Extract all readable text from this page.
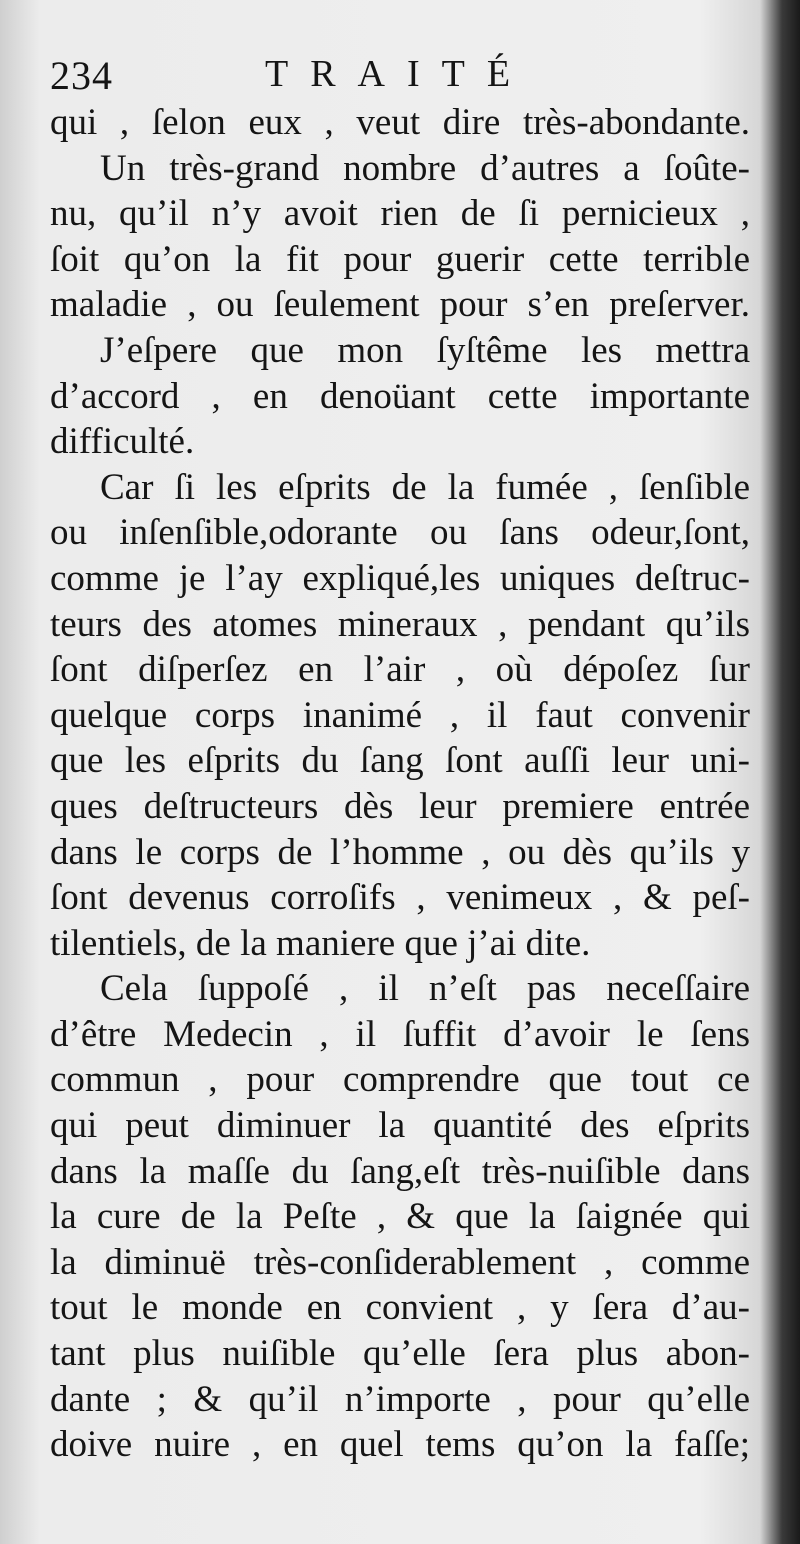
234	TRAITÉ
qui , ſelon eux , veut dire très-abondante.
Un très-grand nombre d’autres a ſoûte-
nu, qu’il n’y avoit rien de ſi pernicieux ,
ſoit qu’on la fit pour guerir cette terrible
maladie , ou ſeulement pour s’en preſerver.
J’eſpere que mon ſyſtême les mettra
d’accord , en denoüant cette importante
difficulté.
Car ſi les eſprits de la fumée , ſenſible
ou inſenſible,odorante ou ſans odeur,ſont,
comme je l’ay expliqué,les uniques deſtruc-
teurs des atomes mineraux , pendant qu’ils
ſont diſperſez en l’air , où dépoſez ſur
quelque corps inanimé , il faut convenir
que les eſprits du ſang ſont auſſi leur uni-
ques deſtructeurs dès leur premiere entrée
dans le corps de l’homme , ou dès qu’ils y
ſont devenus corroſifs , venimeux , & peſ-
tilentiels, de la maniere que j’ai dite.
Cela ſuppoſé , il n’eſt pas neceſſaire
d’être Medecin , il ſuffit d’avoir le ſens
commun , pour comprendre que tout ce
qui peut diminuer la quantité des eſprits
dans la maſſe du ſang,eſt très-nuiſible dans
la cure de la Peſte , & que la ſaignée qui
la diminuë très-conſiderablement , comme
tout le monde en convient , y ſera d’au-
tant plus nuiſible qu’elle ſera plus abon-
dante ; & qu’il n’importe , pour qu’elle
doive nuire , en quel tems qu’on la faſſe;
